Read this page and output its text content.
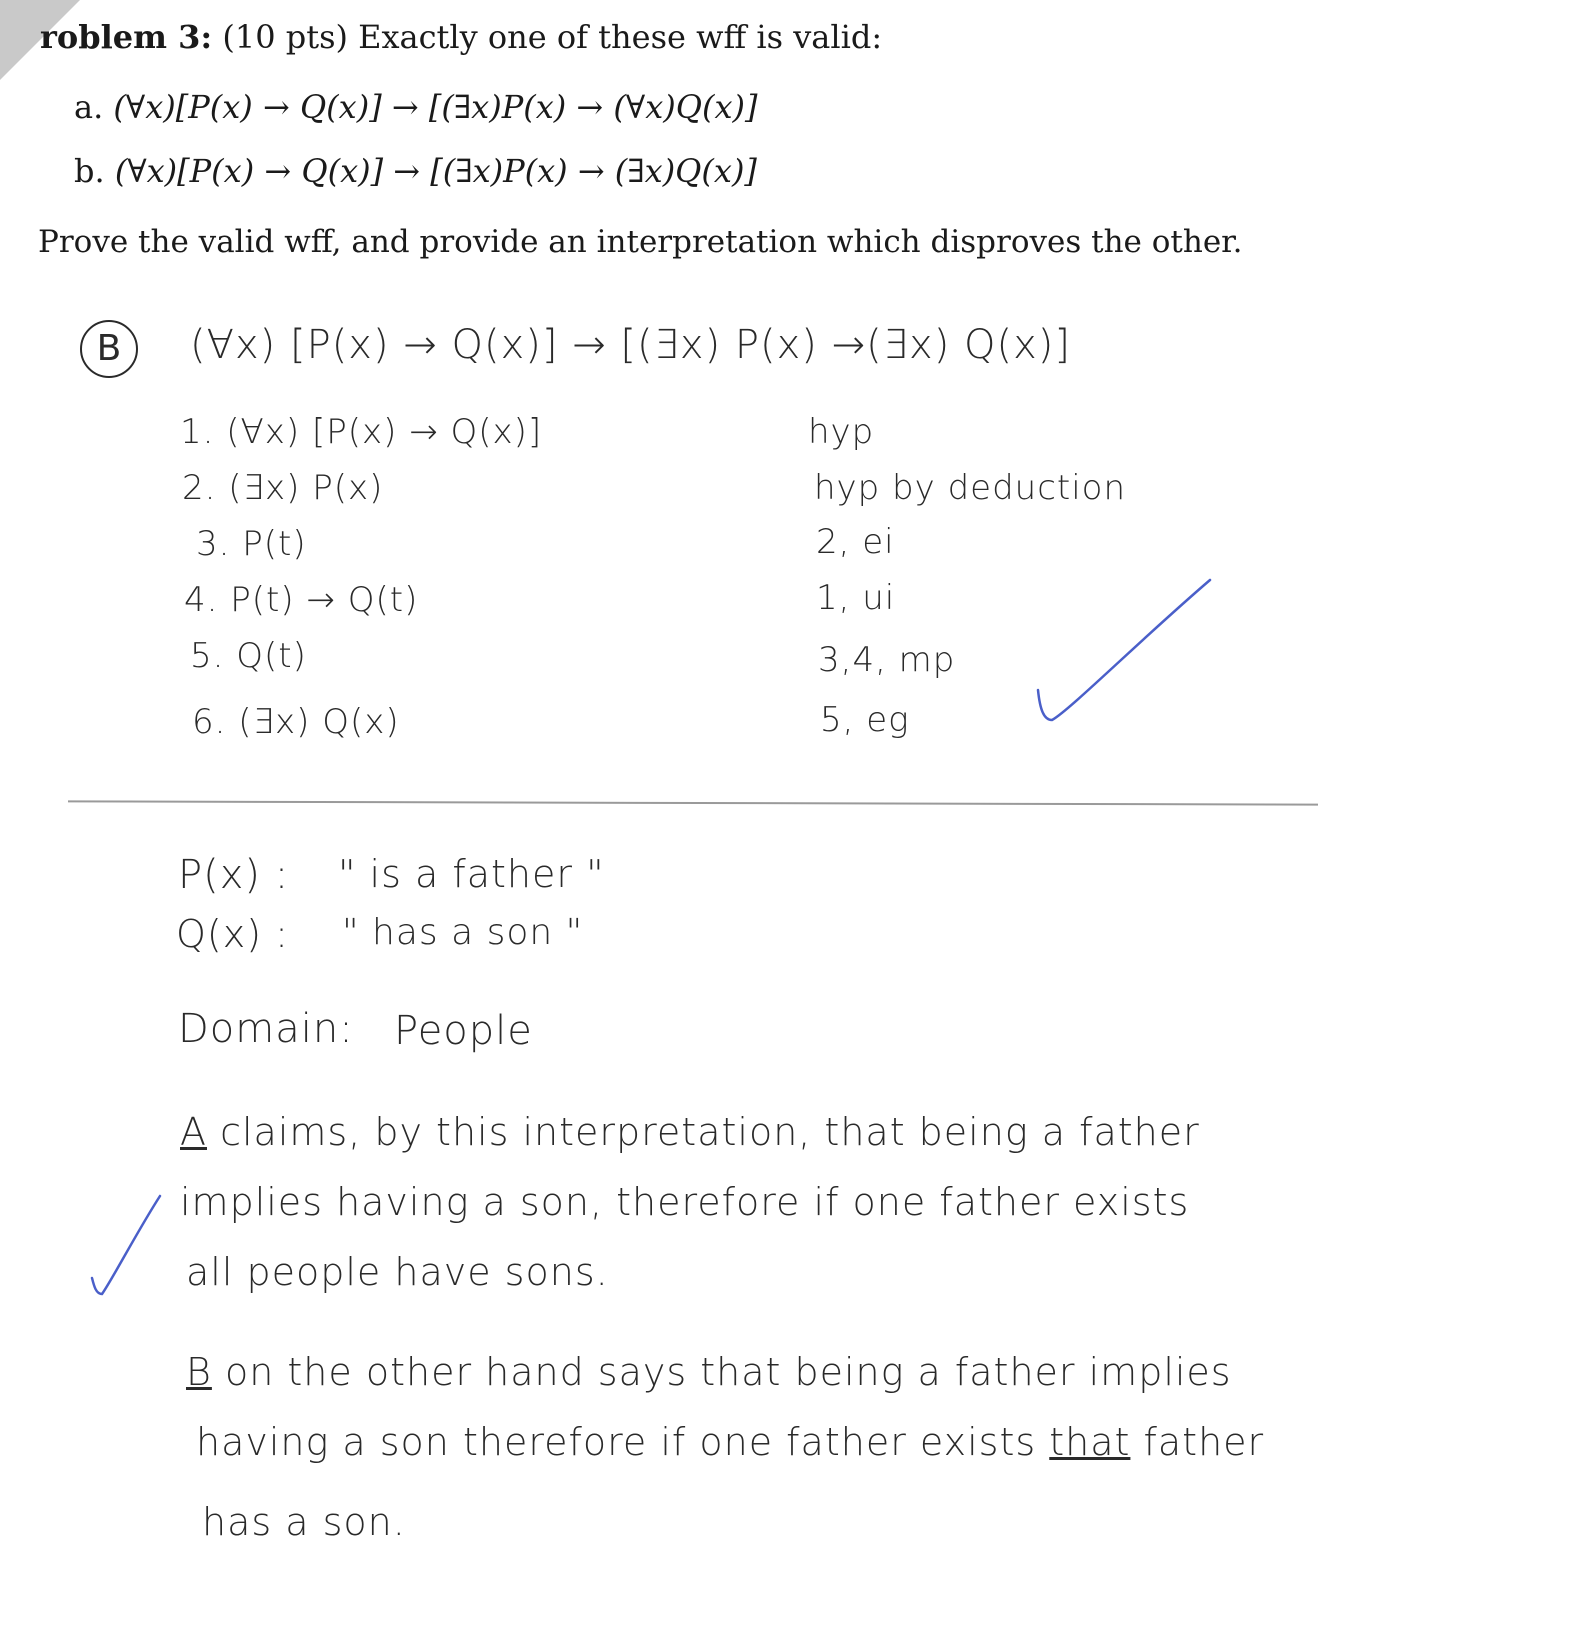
roblem 3: (10 pts) Exactly one of these wff is valid:
a. (∀x)[P(x) → Q(x)] → [(∃x)P(x) → (∀x)Q(x)]
b. (∀x)[P(x) → Q(x)] → [(∃x)P(x) → (∃x)Q(x)]
Prove the valid wff, and provide an interpretation which disproves the other.
B	(∀x) [P(x) → Q(x)] → [(∃x) P(x) →(∃x) Q(x)]
1. (∀x) [P(x) → Q(x)]	hyp
2. (∃x) P(x)	hyp by deduction
3. P(t)	2, ei
4. P(t) → Q(t)	1, ui
5. Q(t)	3,4, mp
6. (∃x) Q(x)	5, eg
P(x) : " is a father "
Q(x) : " has a son "
Domain: People
A claims, by this interpretation, that being a father
implies having a son, therefore if one father exists
all people have sons.
B on the other hand says that being a father implies
having a son therefore if one father exists that father
has a son.
